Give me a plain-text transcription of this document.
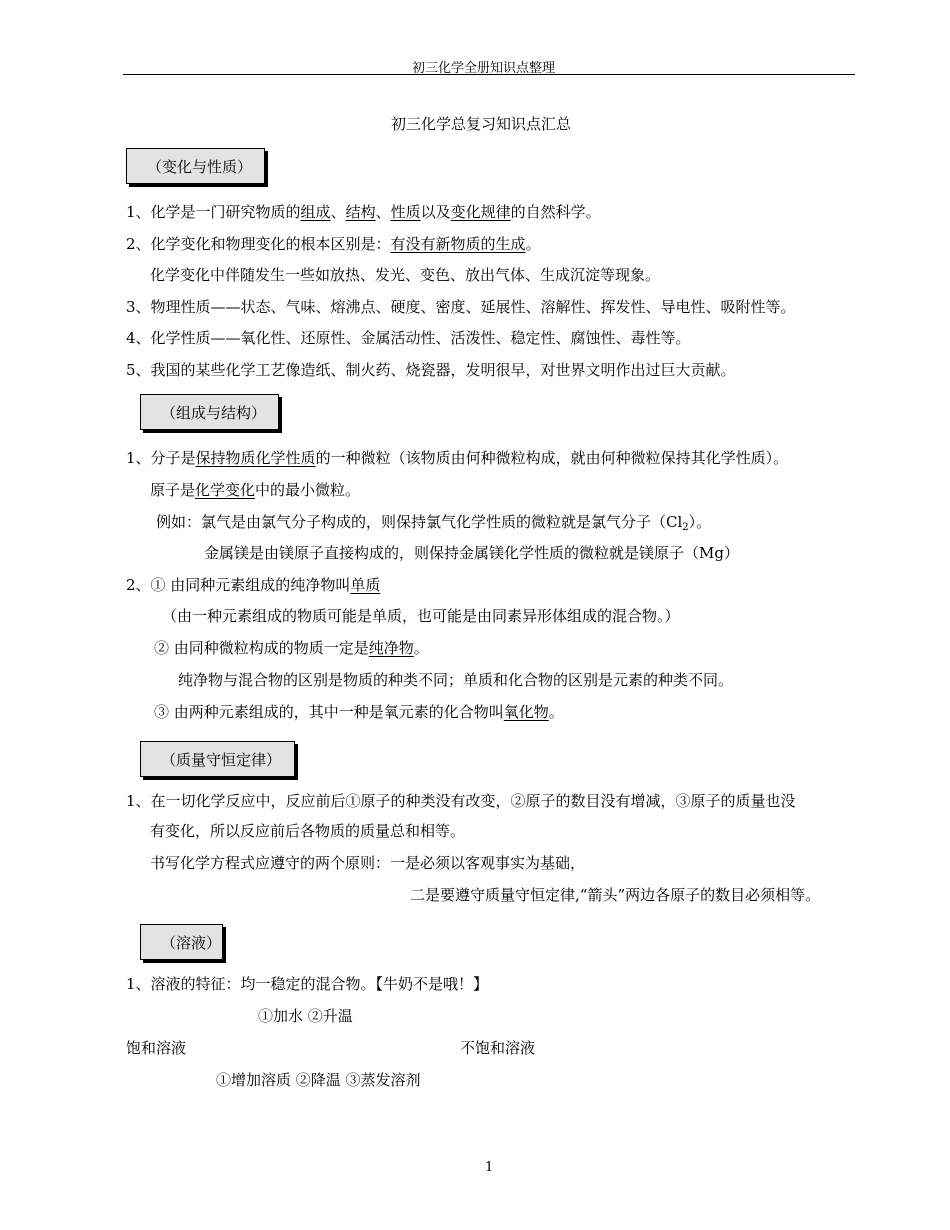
初三化学全册知识点整理
初三化学总复习知识点汇总
（变化与性质）
1、化学是一门研究物质的组成、结构、性质以及变化规律的自然科学。
2、化学变化和物理变化的根本区别是：有没有新物质的生成。
化学变化中伴随发生一些如放热、发光、变色、放出气体、生成沉淀等现象。
3、物理性质——状态、气味、熔沸点、硬度、密度、延展性、溶解性、挥发性、导电性、吸附性等。
4、化学性质——氧化性、还原性、金属活动性、活泼性、稳定性、腐蚀性、毒性等。
5、我国的某些化学工艺像造纸、制火药、烧瓷器，发明很早，对世界文明作出过巨大贡献。
（组成与结构）
1、分子是保持物质化学性质的一种微粒（该物质由何种微粒构成，就由何种微粒保持其化学性质）。
原子是化学变化中的最小微粒。
例如：氯气是由氯气分子构成的，则保持氯气化学性质的微粒就是氯气分子$(Cl_2)$。
金属镁是由镁原子直接构成的，则保持金属镁化学性质的微粒就是镁原子（Mg）
2、① 由同种元素组成的纯净物叫单质
（由一种元素组成的物质可能是单质，也可能是由同素异形体组成的混合物。）
② 由同种微粒构成的物质一定是纯净物。
纯净物与混合物的区别是物质的种类不同；单质和化合物的区别是元素的种类不同。
③ 由两种元素组成的，其中一种是氧元素的化合物叫氧化物。
（质量守恒定律）
1、在一切化学反应中，反应前后①原子的种类没有改变，②原子的数目没有增减，③原子的质量也没
有变化，所以反应前后各物质的质量总和相等。
书写化学方程式应遵守的两个原则：一是必须以客观事实为基础，
二是要遵守质量守恒定律,“箭头”两边各原子的数目必须相等。
（溶液）
1、溶液的特征：均一稳定的混合物。【牛奶不是哦！】
①加水 ②升温
饱和溶液	不饱和溶液
①增加溶质 ②降温 ③蒸发溶剂
1
